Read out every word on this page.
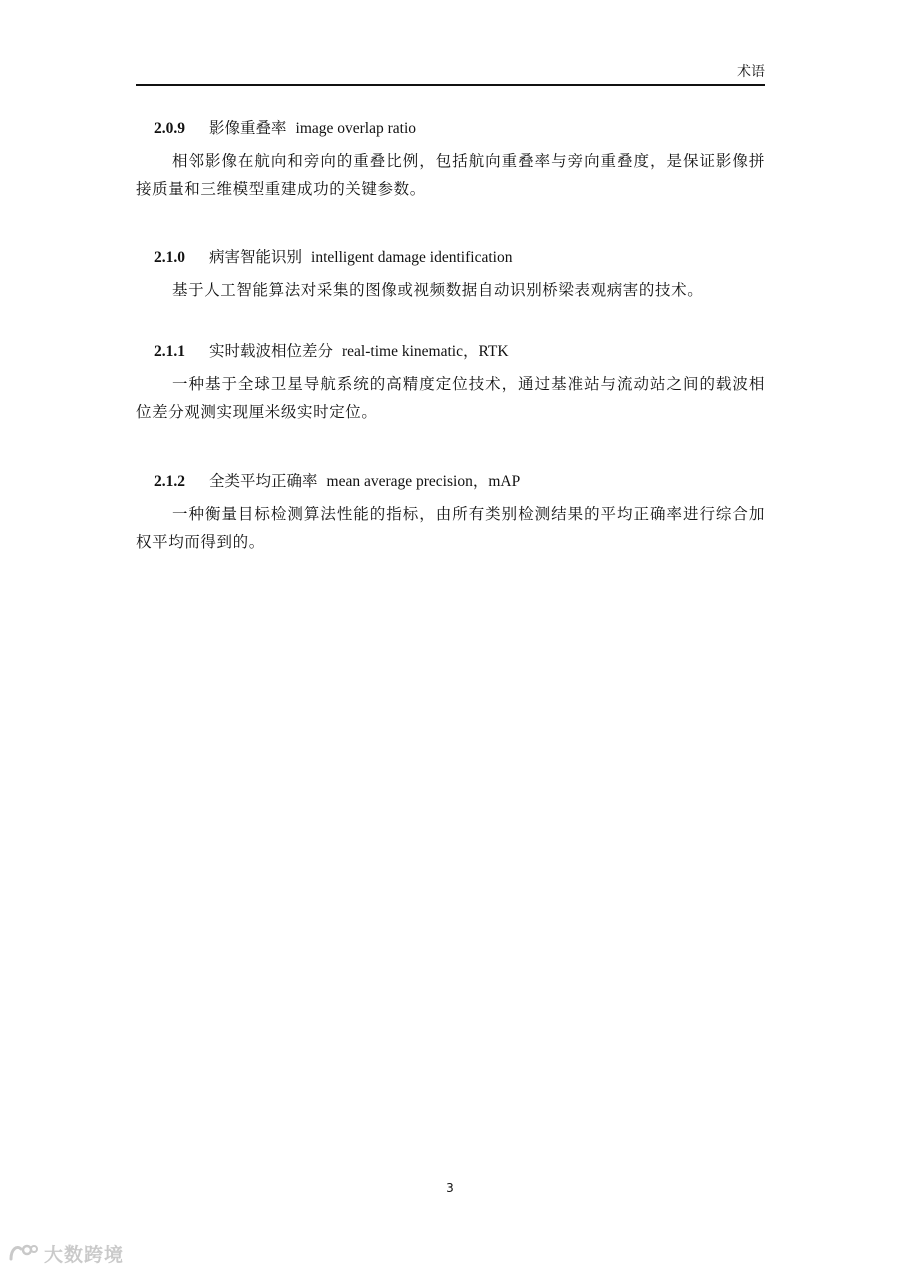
术语
2.0.9 影像重叠率 image overlap ratio
相邻影像在航向和旁向的重叠比例，包括航向重叠率与旁向重叠度，是保证影像拼接质量和三维模型重建成功的关键参数。
2.1.0 病害智能识别 intelligent damage identification
基于人工智能算法对采集的图像或视频数据自动识别桥梁表观病害的技术。
2.1.1 实时载波相位差分 real-time kinematic，RTK
一种基于全球卫星导航系统的高精度定位技术，通过基准站与流动站之间的载波相位差分观测实现厘米级实时定位。
2.1.2 全类平均正确率 mean average precision，mAP
一种衡量目标检测算法性能的指标，由所有类别检测结果的平均正确率进行综合加权平均而得到的。
3
大数跨境
